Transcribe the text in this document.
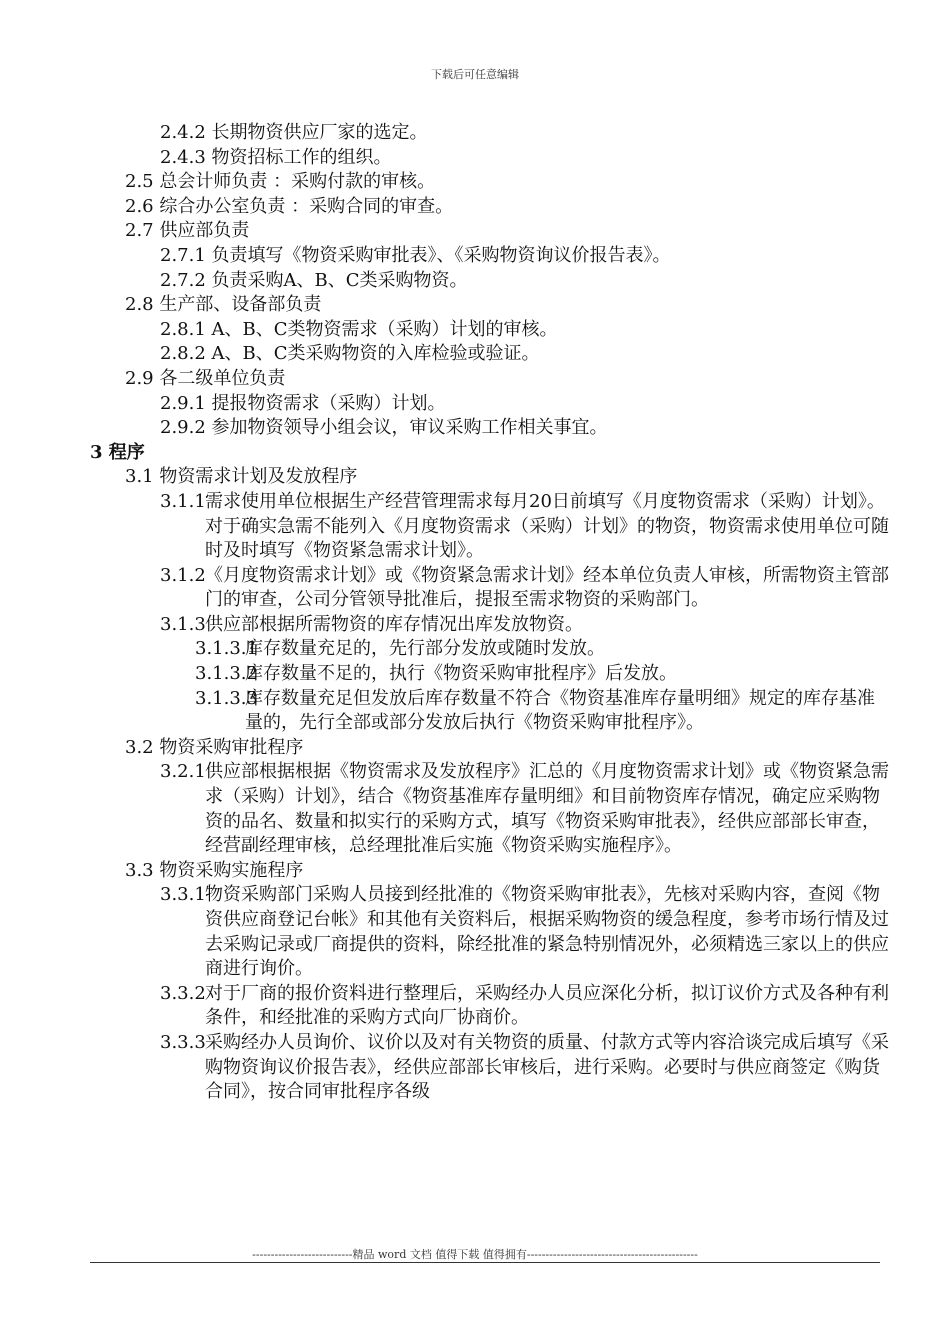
下载后可任意编辑
2.4.2 长期物资供应厂家的选定。
2.4.3 物资招标工作的组织。
2.5 总会计师负责 ：采购付款的审核。
2.6 综合办公室负责 ：采购合同的审查。
2.7 供应部负责
2.7.1 负责填写《物资采购审批表》、《采购物资询议价报告表》。
2.7.2 负责采购A、B、C类采购物资。
2.8 生产部、设备部负责
2.8.1 A、B、C类物资需求（采购）计划的审核。
2.8.2 A、B、C类采购物资的入库检验或验证。
2.9 各二级单位负责
2.9.1 提报物资需求（采购）计划。
2.9.2 参加物资领导小组会议，审议采购工作相关事宜。
3 程序
3.1 物资需求计划及发放程序
3.1.1 需求使用单位根据生产经营管理需求每月20日前填写《月度物资需求（采购）计划》。对于确实急需不能列入《月度物资需求（采购）计划》的物资，物资需求使用单位可随时及时填写《物资紧急需求计划》。
3.1.2 《月度物资需求计划》或《物资紧急需求计划》经本单位负责人审核，所需物资主管部门的审查，公司分管领导批准后，提报至需求物资的采购部门。
3.1.3 供应部根据所需物资的库存情况出库发放物资。
3.1.3.1
库存数量充足的，先行部分发放或随时发放。
3.1.3.2
库存数量不足的，执行《物资采购审批程序》后发放。
3.1.3.3
库存数量充足但发放后库存数量不符合《物资基准库存量明细》规定的库存基准量的，先行全部或部分发放后执行《物资采购审批程序》。
3.2 物资采购审批程序
3.2.1 供应部根据根据《物资需求及发放程序》汇总的《月度物资需求计划》或《物资紧急需求（采购）计划》，结合《物资基准库存量明细》和目前物资库存情况，确定应采购物资的品名、数量和拟实行的采购方式，填写《物资采购审批表》，经供应部部长审查，经营副经理审核，总经理批准后实施《物资采购实施程序》。
3.3 物资采购实施程序
3.3.1 物资采购部门采购人员接到经批准的《物资采购审批表》，先核对采购内容，查阅《物资供应商登记台帐》和其他有关资料后，根据采购物资的缓急程度，参考市场行情及过去采购记录或厂商提供的资料，除经批准的紧急特别情况外，必须精选三家以上的供应商进行询价。
3.3.2 对于厂商的报价资料进行整理后，采购经办人员应深化分析，拟订议价方式及各种有利条件，和经批准的采购方式向厂协商价。
3.3.3 采购经办人员询价、议价以及对有关物资的质量、付款方式等内容洽谈完成后填写《采购物资询议价报告表》，经供应部部长审核后，进行采购。必要时与供应商签定《购货合同》，按合同审批程序各级
---------------------------精品 word 文档 值得下载 值得拥有----------------------------------------------
